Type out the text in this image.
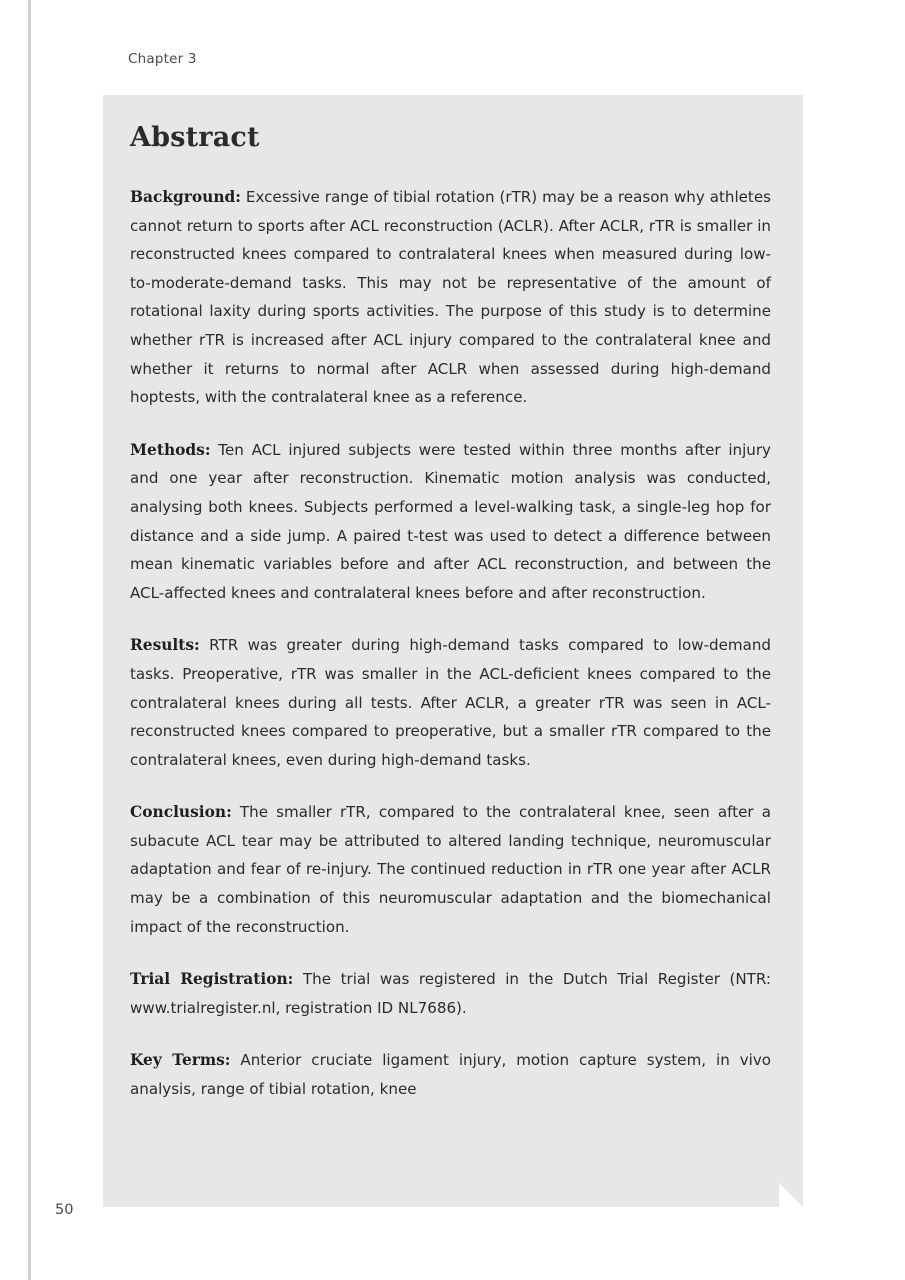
Chapter 3
Abstract

Background: Excessive range of tibial rotation (rTR) may be a reason why athletes cannot return to sports after ACL reconstruction (ACLR). After ACLR, rTR is smaller in reconstructed knees compared to contralateral knees when measured during low-to-moderate-demand tasks. This may not be representative of the amount of rotational laxity during sports activities. The purpose of this study is to determine whether rTR is increased after ACL injury compared to the contralateral knee and whether it returns to normal after ACLR when assessed during high-demand hoptests, with the contralateral knee as a reference.

Methods: Ten ACL injured subjects were tested within three months after injury and one year after reconstruction. Kinematic motion analysis was conducted, analysing both knees. Subjects performed a level-walking task, a single-leg hop for distance and a side jump. A paired t-test was used to detect a difference between mean kinematic variables before and after ACL reconstruction, and between the ACL-affected knees and contralateral knees before and after reconstruction.

Results: RTR was greater during high-demand tasks compared to low-demand tasks. Preoperative, rTR was smaller in the ACL-deficient knees compared to the contralateral knees during all tests. After ACLR, a greater rTR was seen in ACL-reconstructed knees compared to preoperative, but a smaller rTR compared to the contralateral knees, even during high-demand tasks.

Conclusion: The smaller rTR, compared to the contralateral knee, seen after a subacute ACL tear may be attributed to altered landing technique, neuromuscular adaptation and fear of re-injury. The continued reduction in rTR one year after ACLR may be a combination of this neuromuscular adaptation and the biomechanical impact of the reconstruction.

Trial Registration: The trial was registered in the Dutch Trial Register (NTR: www.trialregister.nl, registration ID NL7686).

Key Terms: Anterior cruciate ligament injury, motion capture system, in vivo analysis, range of tibial rotation, knee

50
